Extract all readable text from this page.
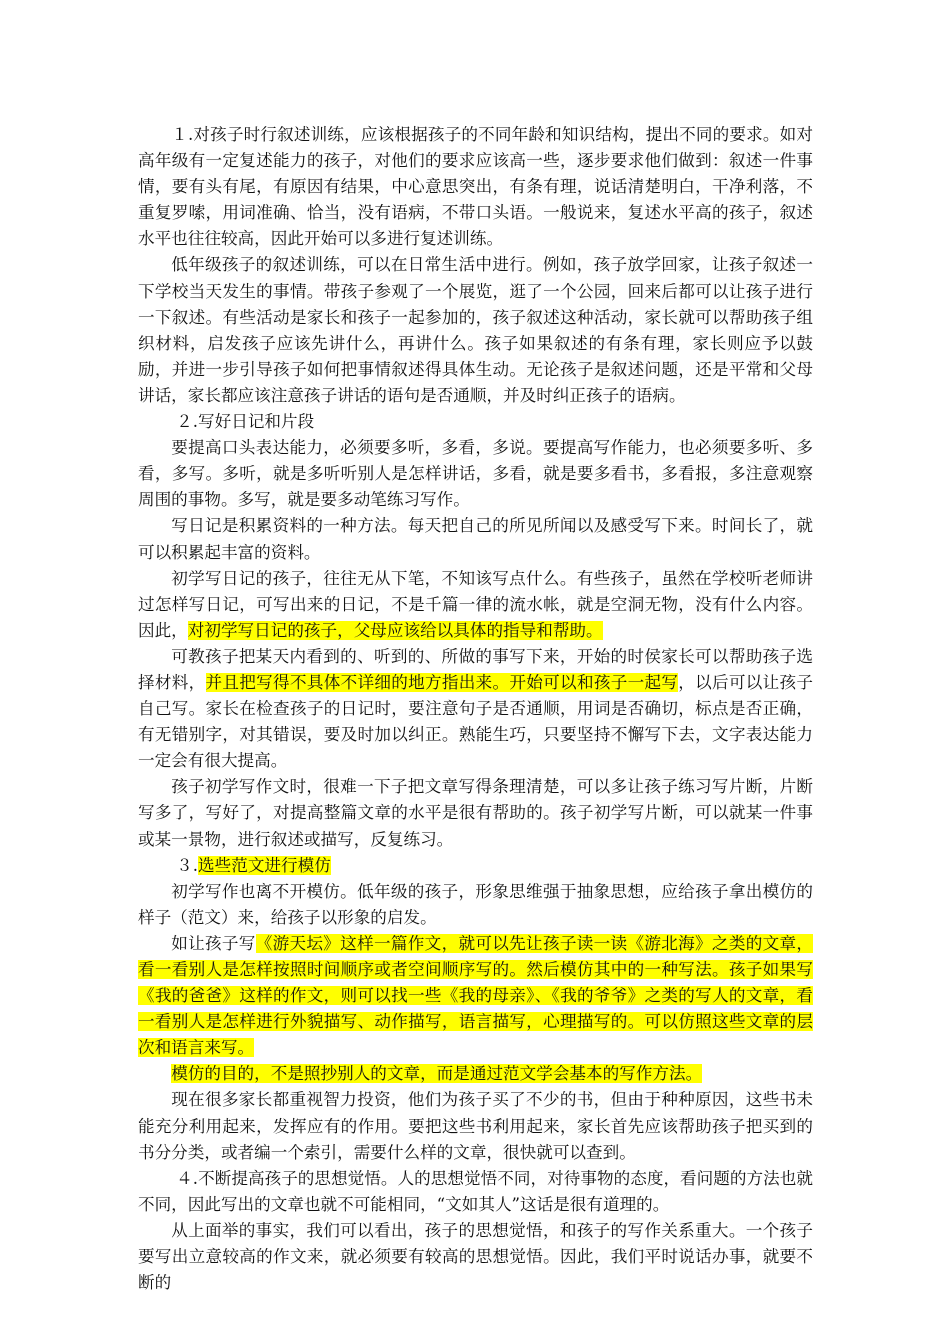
１.对孩子时行叙述训练，应该根据孩子的不同年龄和知识结构，提出不同的要求。如对高年级有一定复述能力的孩子，对他们的要求应该高一些，逐步要求他们做到：叙述一件事情，要有头有尾，有原因有结果，中心意思突出，有条有理，说话清楚明白，干净利落，不重复罗嗦，用词准确、恰当，没有语病，不带口头语。一般说来，复述水平高的孩子，叙述水平也往往较高，因此开始可以多进行复述训练。

低年级孩子的叙述训练，可以在日常生活中进行。例如，孩子放学回家，让孩子叙述一下学校当天发生的事情。带孩子参观了一个展览，逛了一个公园，回来后都可以让孩子进行一下叙述。有些活动是家长和孩子一起参加的，孩子叙述这种活动，家长就可以帮助孩子组织材料，启发孩子应该先讲什么，再讲什么。孩子如果叙述的有条有理，家长则应予以鼓励，并进一步引导孩子如何把事情叙述得具体生动。无论孩子是叙述问题，还是平常和父母讲话，家长都应该注意孩子讲话的语句是否通顺，并及时纠正孩子的语病。

２.写好日记和片段

要提高口头表达能力，必须要多听，多看，多说。要提高写作能力，也必须要多听、多看，多写。多听，就是多听听别人是怎样讲话，多看，就是要多看书，多看报，多注意观察周围的事物。多写，就是要多动笔练习写作。

写日记是积累资料的一种方法。每天把自己的所见所闻以及感受写下来。时间长了，就可以积累起丰富的资料。

初学写日记的孩子，往往无从下笔，不知该写点什么。有些孩子，虽然在学校听老师讲过怎样写日记，可写出来的日记，不是千篇一律的流水帐，就是空洞无物，没有什么内容。因此，对初学写日记的孩子，父母应该给以具体的指导和帮助。

可教孩子把某天内看到的、听到的、所做的事写下来，开始的时侯家长可以帮助孩子选择材料，并且把写得不具体不详细的地方指出来。开始可以和孩子一起写，以后可以让孩子自己写。家长在检查孩子的日记时，要注意句子是否通顺，用词是否确切，标点是否正确，有无错别字，对其错误，要及时加以纠正。熟能生巧，只要坚持不懈写下去，文字表达能力一定会有很大提高。

孩子初学写作文时，很难一下子把文章写得条理清楚，可以多让孩子练习写片断，片断写多了，写好了，对提高整篇文章的水平是很有帮助的。孩子初学写片断，可以就某一件事或某一景物，进行叙述或描写，反复练习。

３.选些范文进行模仿

初学写作也离不开模仿。低年级的孩子，形象思维强于抽象思想，应给孩子拿出模仿的样子（范文）来，给孩子以形象的启发。

如让孩子写《游天坛》这样一篇作文，就可以先让孩子读一读《游北海》之类的文章，看一看别人是怎样按照时间顺序或者空间顺序写的。然后模仿其中的一种写法。孩子如果写《我的爸爸》这样的作文，则可以找一些《我的母亲》、《我的爷爷》之类的写人的文章，看一看别人是怎样进行外貌描写、动作描写，语言描写，心理描写的。可以仿照这些文章的层次和语言来写。

模仿的目的，不是照抄别人的文章，而是通过范文学会基本的写作方法。

现在很多家长都重视智力投资，他们为孩子买了不少的书，但由于种种原因，这些书未能充分利用起来，发挥应有的作用。要把这些书利用起来，家长首先应该帮助孩子把买到的书分分类，或者编一个索引，需要什么样的文章，很快就可以查到。

４.不断提高孩子的思想觉悟。人的思想觉悟不同，对待事物的态度，看问题的方法也就不同，因此写出的文章也就不可能相同，“文如其人”这话是很有道理的。

从上面举的事实，我们可以看出，孩子的思想觉悟，和孩子的写作关系重大。一个孩子要写出立意较高的作文来，就必须要有较高的思想觉悟。因此，我们平时说话办事，就要不断的
